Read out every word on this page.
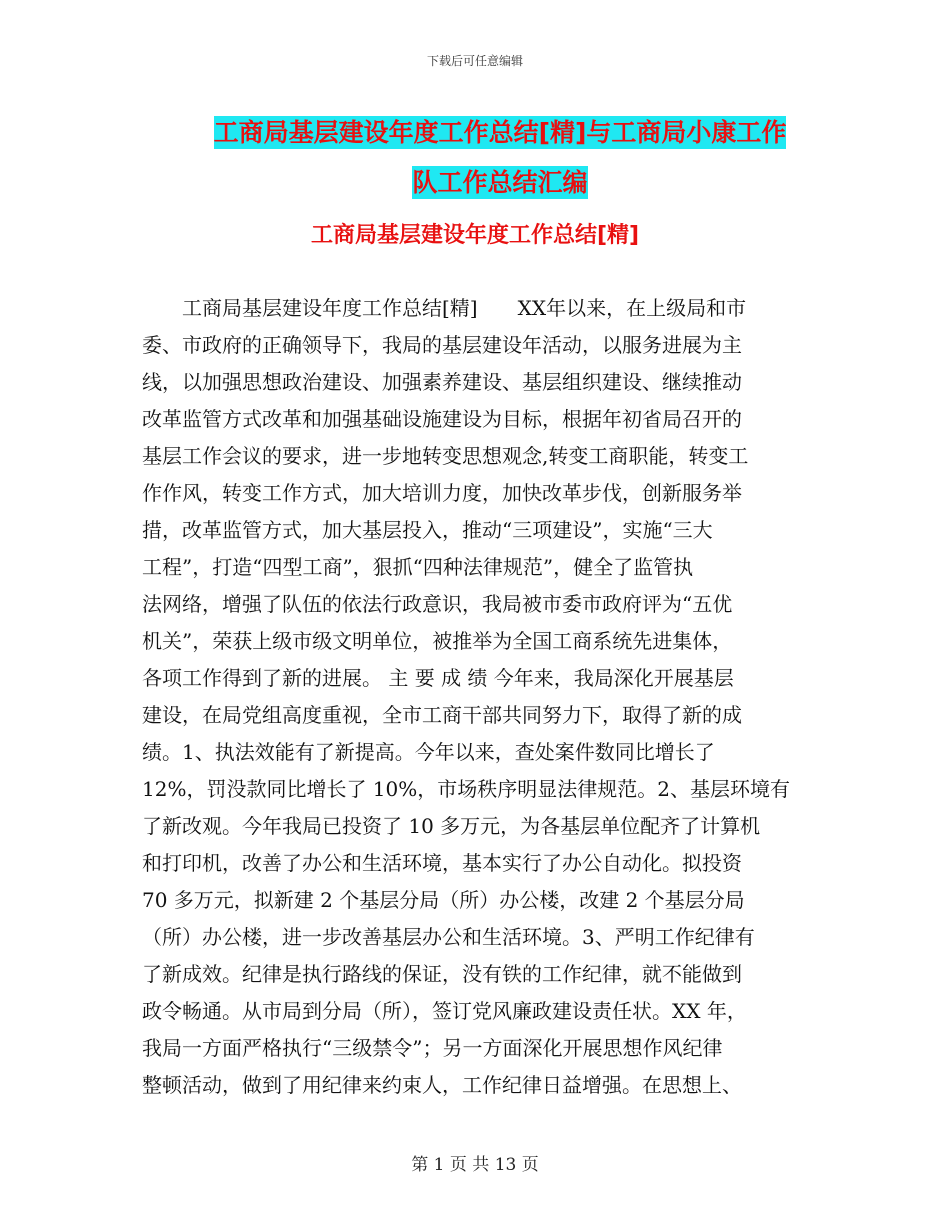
下载后可任意编辑
工商局基层建设年度工作总结[精]与工商局小康工作
队工作总结汇编
工商局基层建设年度工作总结[精]
　　工商局基层建设年度工作总结[精]　　XX年以来，在上级局和市
委、市政府的正确领导下，我局的基层建设年活动，以服务进展为主
线，以加强思想政治建设、加强素养建设、基层组织建设、继续推动
改革监管方式改革和加强基础设施建设为目标，根据年初省局召开的
基层工作会议的要求，进一步地转变思想观念,转变工商职能，转变工
作作风，转变工作方式，加大培训力度，加快改革步伐，创新服务举
措，改革监管方式，加大基层投入，推动“三项建设”，实施“三大
工程”，打造“四型工商”，狠抓“四种法律规范”，健全了监管执
法网络，增强了队伍的依法行政意识，我局被市委市政府评为“五优
机关”，荣获上级市级文明单位，被推举为全国工商系统先进集体，
各项工作得到了新的进展。 主 要 成 绩 今年来，我局深化开展基层
建设，在局党组高度重视，全市工商干部共同努力下，取得了新的成
绩。1、执法效能有了新提高。今年以来，查处案件数同比增长了
12%，罚没款同比增长了 10%，市场秩序明显法律规范。2、基层环境有
了新改观。今年我局已投资了 10 多万元，为各基层单位配齐了计算机
和打印机，改善了办公和生活环境，基本实行了办公自动化。拟投资
70 多万元，拟新建 2 个基层分局（所）办公楼，改建 2 个基层分局
（所）办公楼，进一步改善基层办公和生活环境。3、严明工作纪律有
了新成效。纪律是执行路线的保证，没有铁的工作纪律，就不能做到
政令畅通。从市局到分局（所），签订党风廉政建设责任状。XX 年，
我局一方面严格执行“三级禁令”；另一方面深化开展思想作风纪律
整顿活动，做到了用纪律来约束人，工作纪律日益增强。在思想上、
第 1 页 共 13 页
